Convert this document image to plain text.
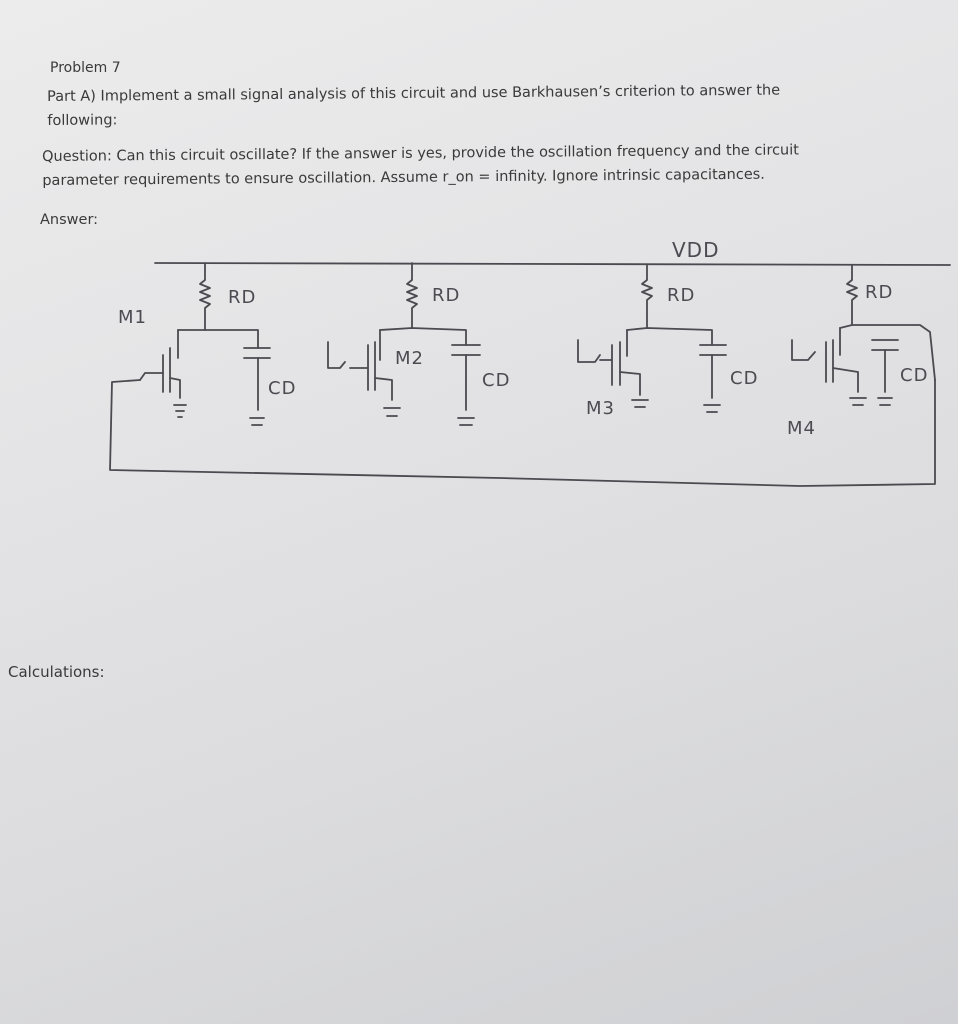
Problem 7
Part A) Implement a small signal analysis of this circuit and use Barkhausen’s criterion to answer the following:
Question: Can this circuit oscillate? If the answer is yes, provide the oscillation frequency and the circuit parameter requirements to ensure oscillation. Assume r_on = infinity. Ignore intrinsic capacitances.
Answer:
Calculations:
VDD
RD	RD	RD	RD
M1
M2
M3
M4
CD	CD	CD	CD
